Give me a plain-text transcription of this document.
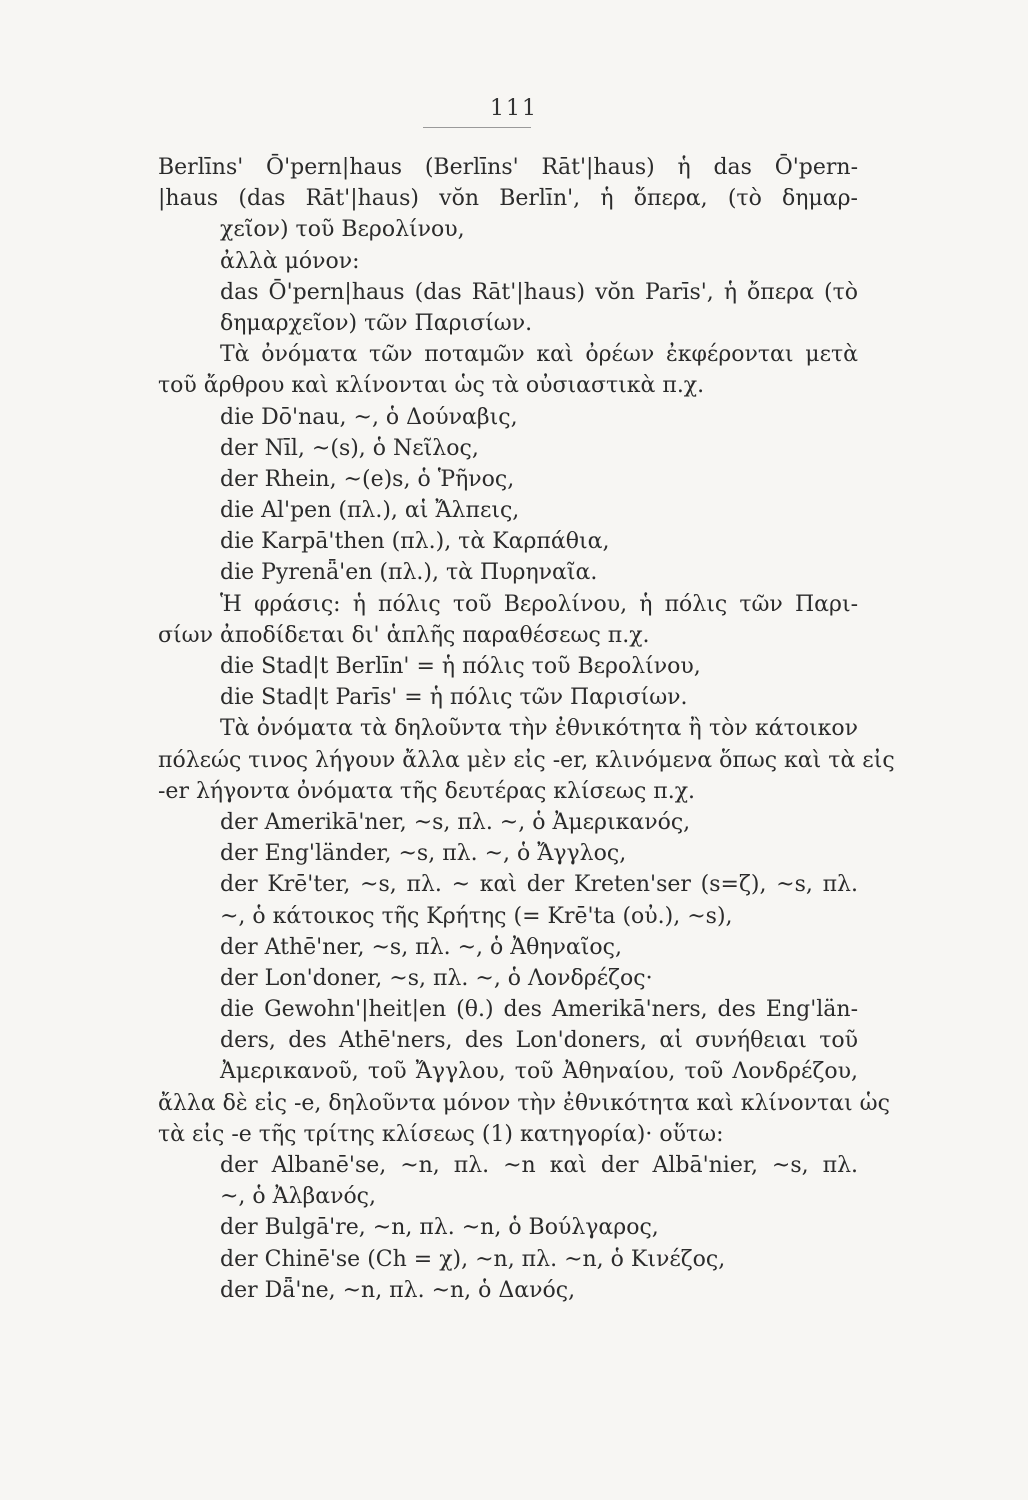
111
Berlīns' Ō'pern|haus (Berlīns' Rāt'|haus) ἡ das Ō'pern-
|haus (das Rāt'|haus) vŏn Berlīn', ἡ ὄπερα, (τὸ δημαρ-
χεῖον) τοῦ Βερολίνου,
ἀλλὰ μόνον:
das Ō'pern|haus (das Rāt'|haus) vŏn Parīs', ἡ ὄπερα (τὸ
δημαρχεῖον) τῶν Παρισίων.
Τὰ ὀνόματα τῶν ποταμῶν καὶ ὀρέων ἐκφέρονται μετὰ
τοῦ ἄρθρου καὶ κλίνονται ὡς τὰ οὐσιαστικὰ π.χ.
die Dō'nau, ~, ὁ Δούναβις,
der Nīl, ~(s), ὁ Νεῖλος,
der Rhein, ~(e)s, ὁ Ῥῆνος,
die Al'pen (πλ.), αἱ Ἄλπεις,
die Karpā'then (πλ.), τὰ Καρπάθια,
die Pyrenǟ'en (πλ.), τὰ Πυρηναῖα.
Ἡ φράσις: ἡ πόλις τοῦ Βερολίνου, ἡ πόλις τῶν Παρι-
σίων ἀποδίδεται δι' ἁπλῆς παραθέσεως π.χ.
die Stad|t Berlīn' = ἡ πόλις τοῦ Βερολίνου,
die Stad|t Parīs' = ἡ πόλις τῶν Παρισίων.
Τὰ ὀνόματα τὰ δηλοῦντα τὴν ἐθνικότητα ἢ τὸν κάτοικον
πόλεώς τινος λήγουν ἄλλα μὲν εἰς -er, κλινόμενα ὅπως καὶ τὰ εἰς
-er λήγοντα ὀνόματα τῆς δευτέρας κλίσεως π.χ.
der Amerikā'ner, ~s, πλ. ~, ὁ Ἀμερικανός,
der Eng'länder, ~s, πλ. ~, ὁ Ἄγγλος,
der Krē'ter, ~s, πλ. ~ καὶ der Kreten'ser (s=ζ), ~s, πλ.
~, ὁ κάτοικος τῆς Κρήτης (= Krē'ta (οὐ.), ~s),
der Athē'ner, ~s, πλ. ~, ὁ Ἀθηναῖος,
der Lon'doner, ~s, πλ. ~, ὁ Λονδρέζος·
die Gewohn'|heit|en (θ.) des Amerikā'ners, des Eng'län-
ders, des Athē'ners, des Lon'doners, αἱ συνήθειαι τοῦ
Ἀμερικανοῦ, τοῦ Ἄγγλου, τοῦ Ἀθηναίου, τοῦ Λονδρέζου,
ἄλλα δὲ εἰς -e, δηλοῦντα μόνον τὴν ἐθνικότητα καὶ κλίνονται ὡς
τὰ εἰς -e τῆς τρίτης κλίσεως (1) κατηγορία)· οὕτω:
der Albanē'se, ~n, πλ. ~n καὶ der Albā'nier, ~s, πλ.
~, ὁ Ἀλβανός,
der Bulgā're, ~n, πλ. ~n, ὁ Βούλγαρος,
der Chinē'se (Ch = χ), ~n, πλ. ~n, ὁ Κινέζος,
der Dǟ'ne, ~n, πλ. ~n, ὁ Δανός,
